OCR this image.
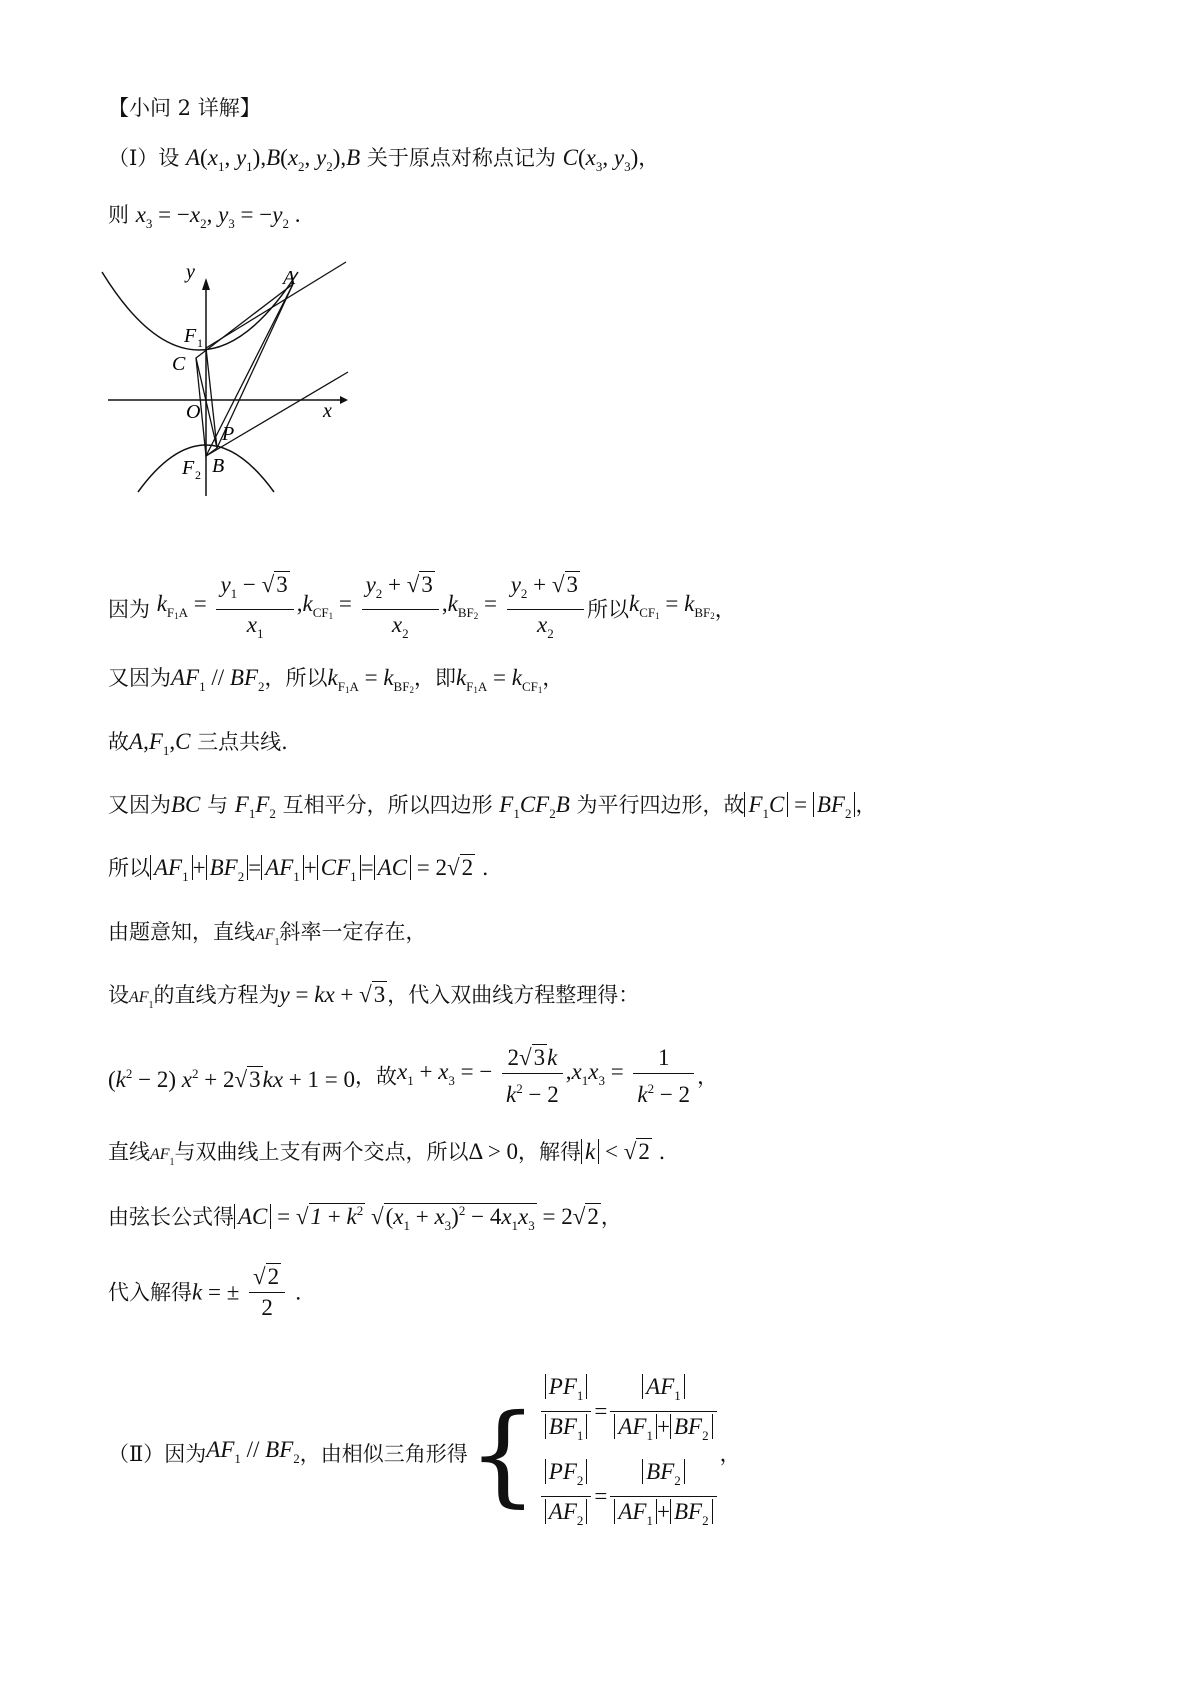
【小问 2 详解】
（Ⅰ）设 $A(x_1$, $y_1),B(x_2$, $y_2),B$ 关于原点对称点记为 $C(x_3$, $y_3$)，
则 $x_3 = -x_2$, $y_3 = -y_2$ .
y
x
A
F 1
C
O
P
F 2 B
因为 $k_{F_1A} = \frac{y_1 - √3}{x_1} ,k_{CF_1} = \frac{y_2 + √3}{x_2} ,k_{BF_2} = \frac{y_2 + √3}{x_2}$ 所以$k_{CF_1} = k_{BF_2}$，
又因为$AF_1 // BF_2$，所以$k_{F_1A} = k_{BF_2}$，即$k_{F_1A} = k_{CF_1}$，
故$A,F_1,C$ 三点共线.
又因为BC 与 $F_1F_2$ 互相平分，所以四边形 $F_1CF_2B$ 为平行四边形，故 $F_1C = BF_2$ ，
所以 $AF_1 + BF_2 = AF_1 + CF_1$ = AC = 2√2 .
由题意知，直线$AF_1$斜率一定存在，
设$AF_1$的直线方程为y = kx + √3，代入双曲线方程整理得：
$(k^2 - 2) x^2 + 2√3kx + 1 = 0$，故$x_1 + x_3$ = − $\frac{2√3k}{k^2 - 2} ,x_1x_3 = \frac{1}{k^2 - 2}$ ，
直线$AF_1$与双曲线上支有两个交点，所以Δ > 0，解得 k < √2 .
由弦长公式得 AC = $√1 + k^2$ $√(x_1 + x_3)^2 - 4x_1x_3 = 2√2$，
代入解得k = ± $\frac{√2}{2}$ .
（Ⅱ）因为$AF_1 // BF_2$，由相似三角形得{ $\frac{PF_1}{BF_1} = \frac{AF_1}{AF_1 + BF_2}$
$\frac{PF_2}{AF_2} = \frac{BF_2}{AF_1 + BF_2}$
，
